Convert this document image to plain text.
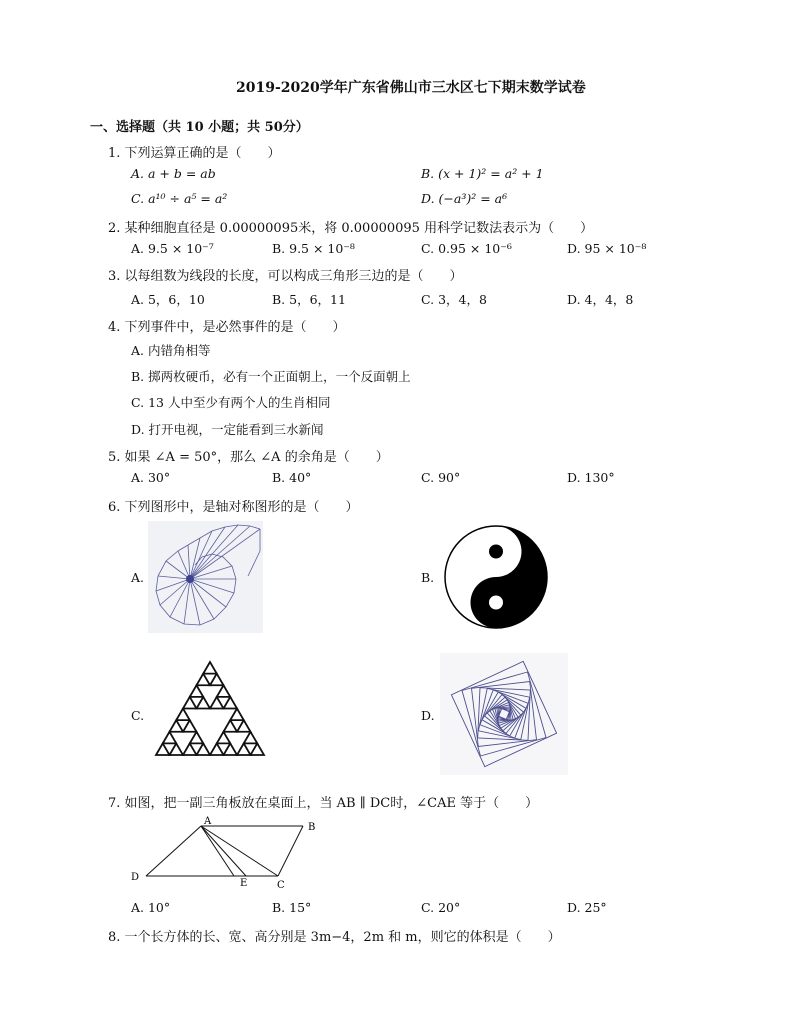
2019-2020学年广东省佛山市三水区七下期末数学试卷
一、选择题（共 10 小题；共 50分）
1. 下列运算正确的是（　　）
A. a + b = ab	B. (x + 1)² = a² + 1
C. a¹⁰ ÷ a⁵ = a²	D. (−a³)² = a⁶
2. 某种细胞直径是 0.00000095米，将 0.00000095 用科学记数法表示为（　　）
A. 9.5 × 10⁻⁷	B. 9.5 × 10⁻⁸	C. 0.95 × 10⁻⁶	D. 95 × 10⁻⁸
3. 以每组数为线段的长度，可以构成三角形三边的是（　　）
A. 5，6，10	B. 5，6，11	C. 3，4，8	D. 4，4，8
4. 下列事件中，是必然事件的是（　　）
A. 内错角相等
B. 掷两枚硬币，必有一个正面朝上，一个反面朝上
C. 13 人中至少有两个人的生肖相同
D. 打开电视，一定能看到三水新闻
5. 如果 ∠A = 50°，那么 ∠A 的余角是（　　）
A. 30°	B. 40°	C. 90°	D. 130°
6. 下列图形中，是轴对称图形的是（　　）
A.	B.
C.	D.
7. 如图，把一副三角板放在桌面上，当 AB ∥ DC时，∠CAE 等于（　　）
A
B
C
D
E
A. 10°	B. 15°	C. 20°	D. 25°
8. 一个长方体的长、宽、高分别是 3m−4，2m 和 m，则它的体积是（　　）
